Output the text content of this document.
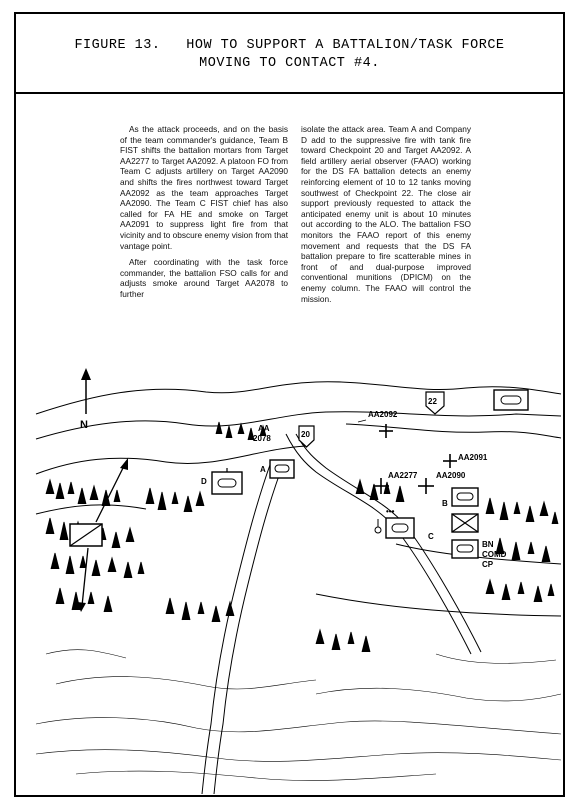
FIGURE 13.   HOW TO SUPPORT A BATTALION/TASK FORCE
MOVING TO CONTACT #4.

As the attack proceeds, and on the basis of the team commander's guidance, Team B FIST shifts the battalion mortars from Target AA2277 to Target AA2092. A platoon FO from Team C adjusts artillery on Target AA2090 and shifts the fires northwest toward Target AA2092 as the team approaches Target AA2090. The Team C FIST chief has also called for FA HE and smoke on Target AA2091 to suppress light fire from that vicinity and to obscure enemy vision from that vantage point.

After coordinating with the task force commander, the battalion FSO calls for and adjusts smoke around Target AA2078 to further

isolate the attack area. Team A and Company D add to the suppressive fire with tank fire toward Checkpoint 20 and Target AA2092. A field artillery aerial observer (FAAO) working for the DS FA battalion detects an enemy reinforcing element of 10 to 12 tanks moving southwest of Checkpoint 22. The close air support previously requested to attack the anticipated enemy unit is about 10 minutes out according to the ALO. The battalion FSO monitors the FAAO report of this enemy movement and requests that the DS FA battalion prepare to fire scatterable mines in front of and dual-purpose improved conventional munitions (DPICM) on the enemy column. The FAAO will control the mission.

N
22
AA
2078	20
AA2092
A
D
AA2277 AA2090
AA2091
B
•••
C
BN
COMD
CP
